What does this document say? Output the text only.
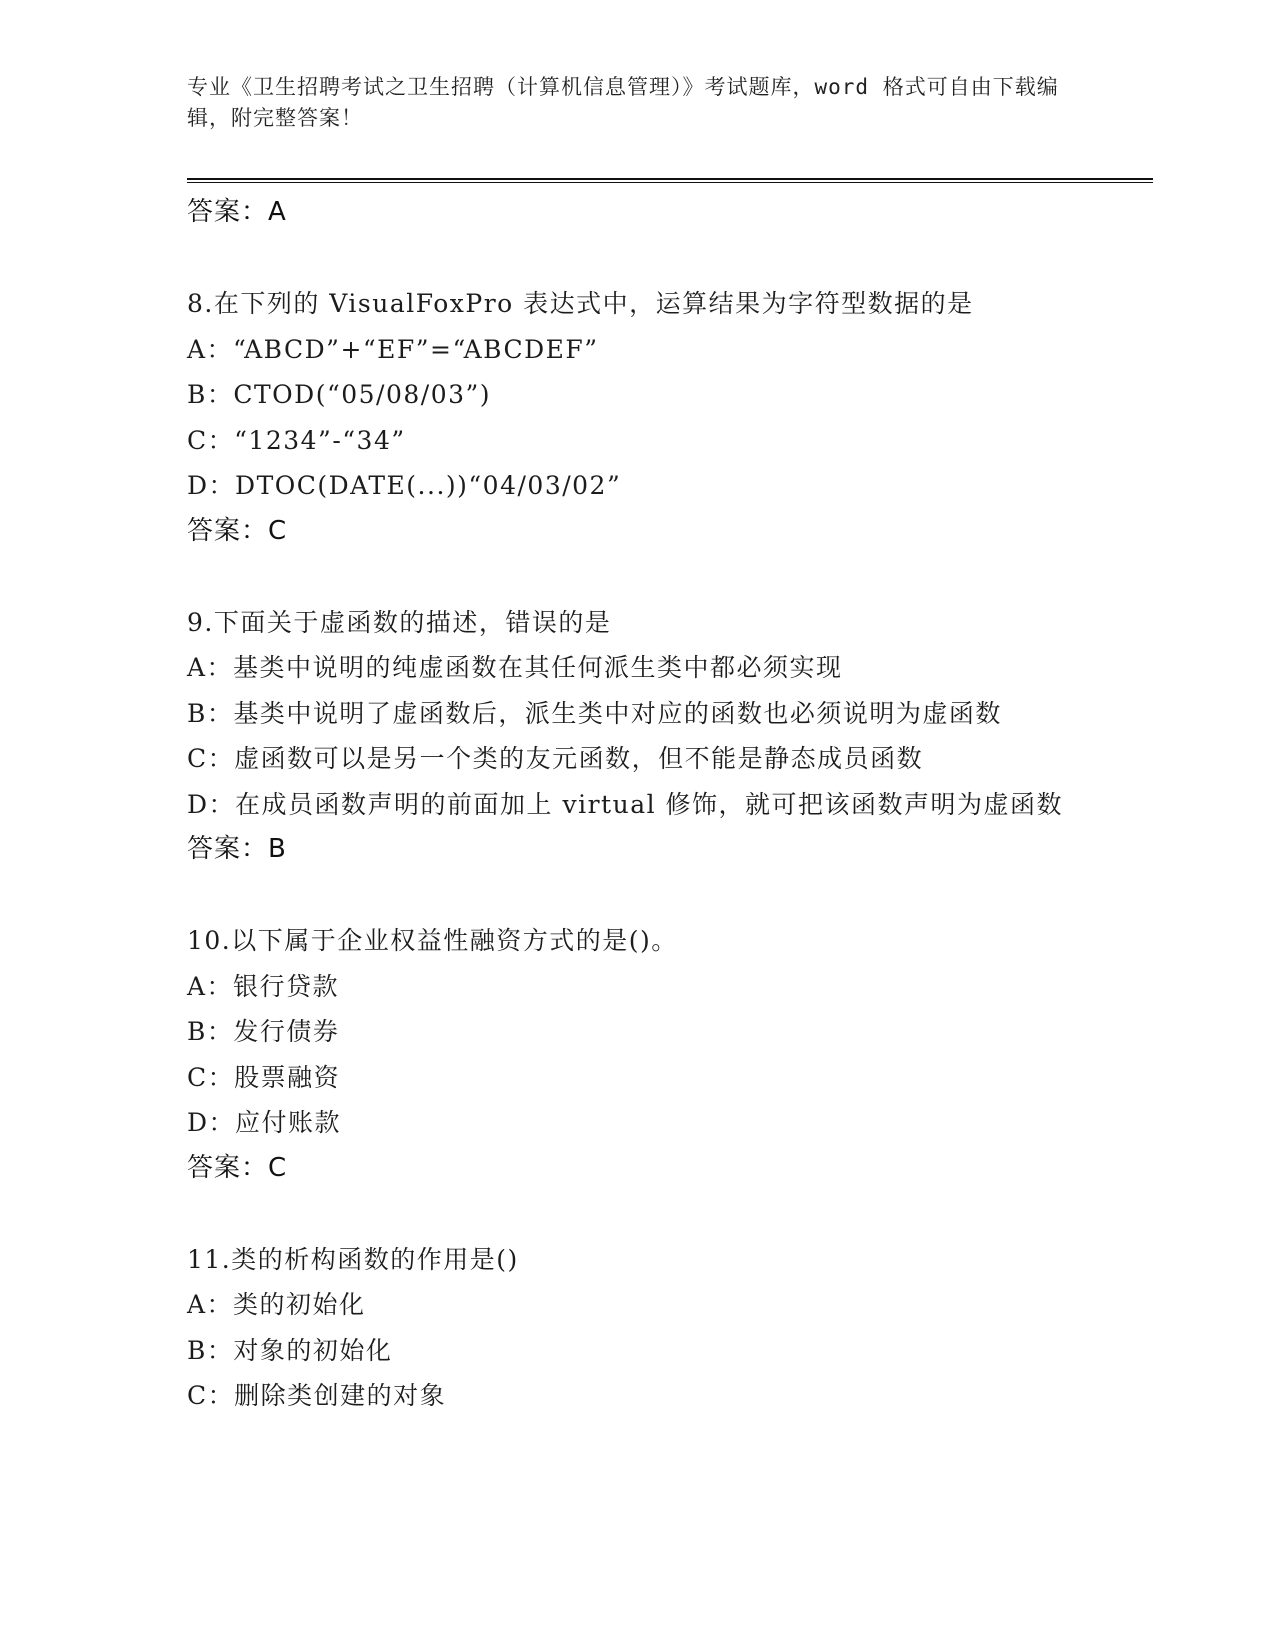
专业《卫生招聘考试之卫生招聘（计算机信息管理）》考试题库，word 格式可自由下载编辑，附完整答案！
答案：A
8.在下列的 VisualFoxPro 表达式中，运算结果为字符型数据的是
A：“ABCD”+“EF”=“ABCDEF”
B：CTOD(“05/08/03”)
C：“1234”-“34”
D：DTOC(DATE(...))“04/03/02”
答案：C
9.下面关于虚函数的描述，错误的是
A：基类中说明的纯虚函数在其任何派生类中都必须实现
B：基类中说明了虚函数后，派生类中对应的函数也必须说明为虚函数
C：虚函数可以是另一个类的友元函数，但不能是静态成员函数
D：在成员函数声明的前面加上 virtual 修饰，就可把该函数声明为虚函数
答案：B
10.以下属于企业权益性融资方式的是()。
A：银行贷款
B：发行债券
C：股票融资
D：应付账款
答案：C
11.类的析构函数的作用是()
A：类的初始化
B：对象的初始化
C：删除类创建的对象
